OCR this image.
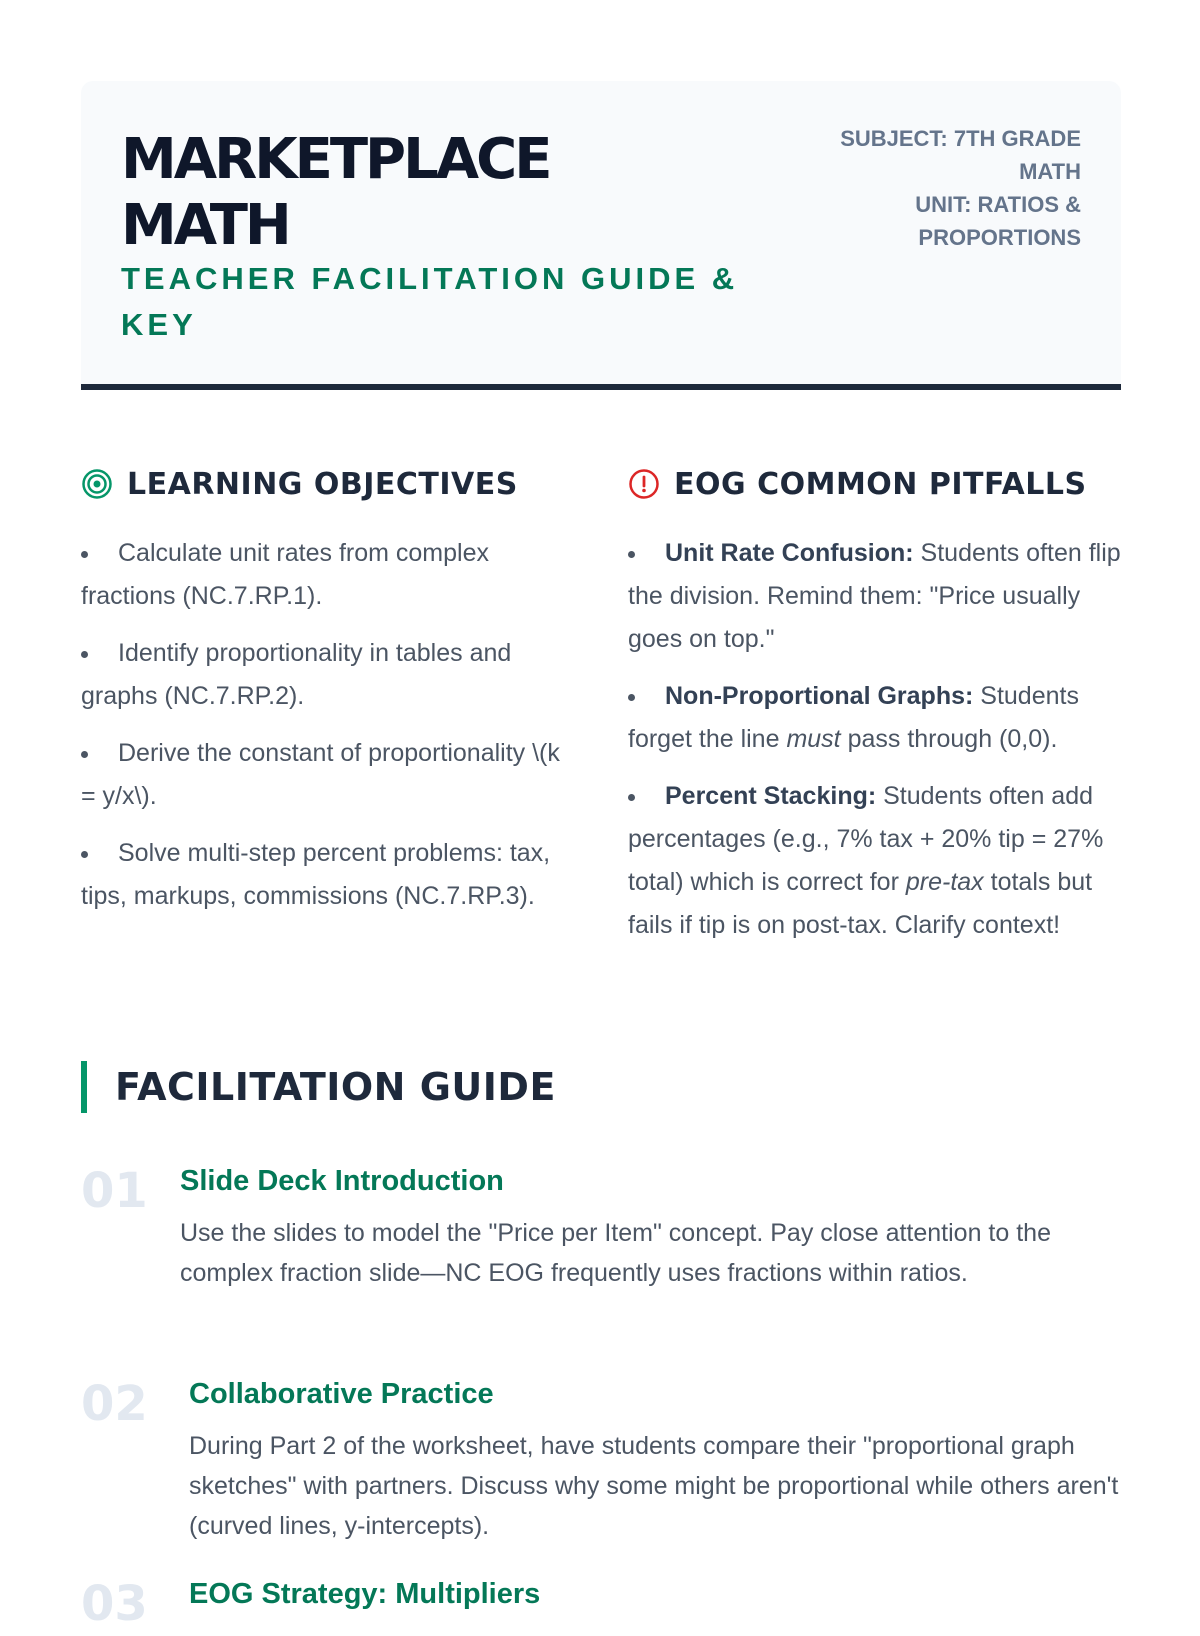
MARKETPLACE
MATH
TEACHER FACILITATION GUIDE & KEY
SUBJECT: 7TH GRADE MATH
UNIT: RATIOS & PROPORTIONS
LEARNING OBJECTIVES
Calculate unit rates from complex fractions (NC.7.RP.1).
Identify proportionality in tables and graphs (NC.7.RP.2).
Derive the constant of proportionality \(k = y/x\).
Solve multi-step percent problems: tax, tips, markups, commissions (NC.7.RP.3).
EOG COMMON PITFALLS
Unit Rate Confusion: Students often flip the division. Remind them: "Price usually goes on top."
Non-Proportional Graphs: Students forget the line must pass through (0,0).
Percent Stacking: Students often add percentages (e.g., 7% tax + 20% tip = 27% total) which is correct for pre-tax totals but fails if tip is on post-tax. Clarify context!
FACILITATION GUIDE
01 Slide Deck Introduction

Use the slides to model the "Price per Item" concept. Pay close attention to the complex fraction slide—NC EOG frequently uses fractions within ratios.

02 Collaborative Practice

During Part 2 of the worksheet, have students compare their "proportional graph sketches" with partners. Discuss why some might be proportional while others aren't (curved lines, y-intercepts).

03 EOG Strategy: Multipliers
